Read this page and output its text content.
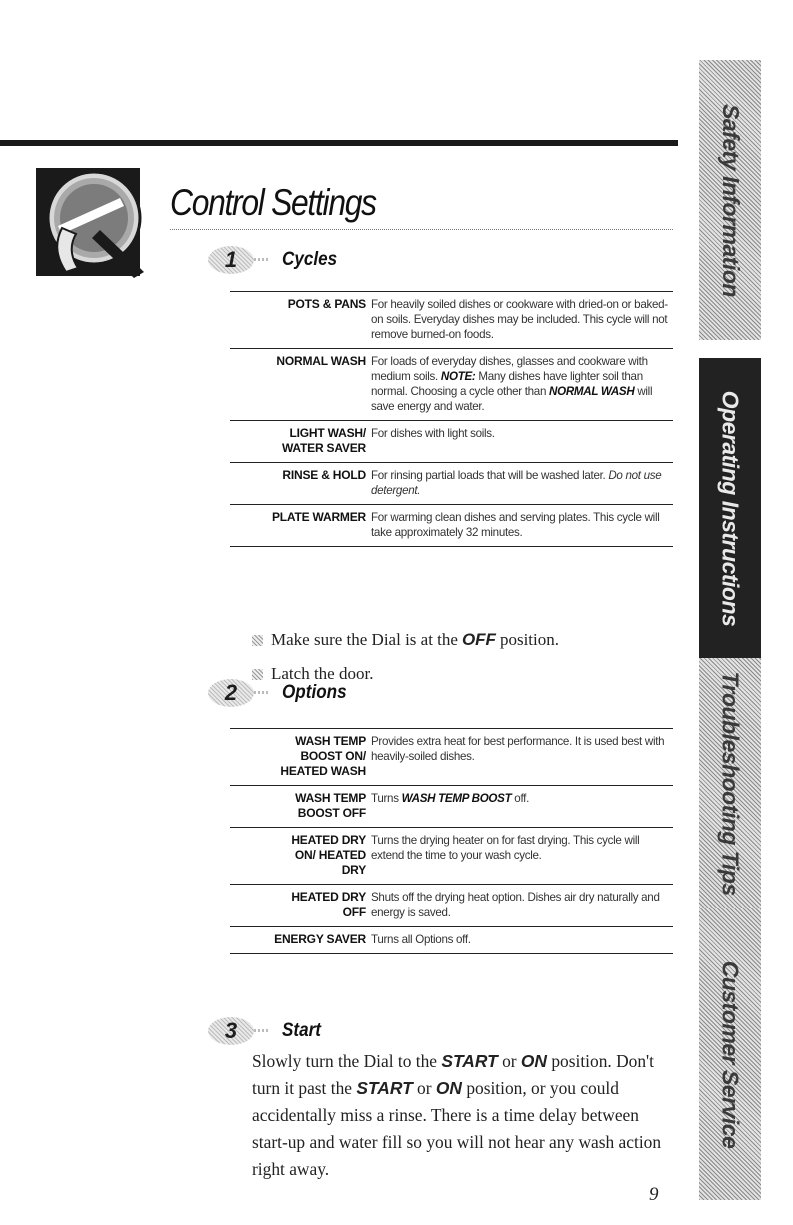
Control Settings
1 Cycles
POTS & PANS For heavily soiled dishes or cookware with dried-on or baked-on soils. Everyday dishes may be included. This cycle will not remove burned-on foods.
NORMAL WASH For loads of everyday dishes, glasses and cookware with medium soils. NOTE: Many dishes have lighter soil than normal. Choosing a cycle other than NORMAL WASH will save energy and water.
LIGHT WASH/
WATER SAVER
For dishes with light soils.
RINSE & HOLD For rinsing partial loads that will be washed later. Do not use detergent.
PLATE WARMER For warming clean dishes and serving plates. This cycle will take approximately 32 minutes.
Make sure the Dial is at the OFF position.
Latch the door.
2 Options
WASH TEMP
BOOST ON/
HEATED WASH
Provides extra heat for best performance. It is used best with heavily-soiled dishes.
WASH TEMP
BOOST OFF
Turns WASH TEMP BOOST off.
HEATED DRY
ON/ HEATED
DRY
Turns the drying heater on for fast drying. This cycle will extend the time to your wash cycle.
HEATED DRY
OFF
Shuts off the drying heat option. Dishes air dry naturally and energy is saved.
ENERGY SAVER Turns all Options off.
3 Start

Slowly turn the Dial to the START or ON position. Don't turn it past the START or ON position, or you could accidentally miss a rinse. There is a time delay between start-up and water fill so you will not hear any wash action right away.

9
Safety Information
Operating Instructions
Troubleshooting Tips
Customer Service
